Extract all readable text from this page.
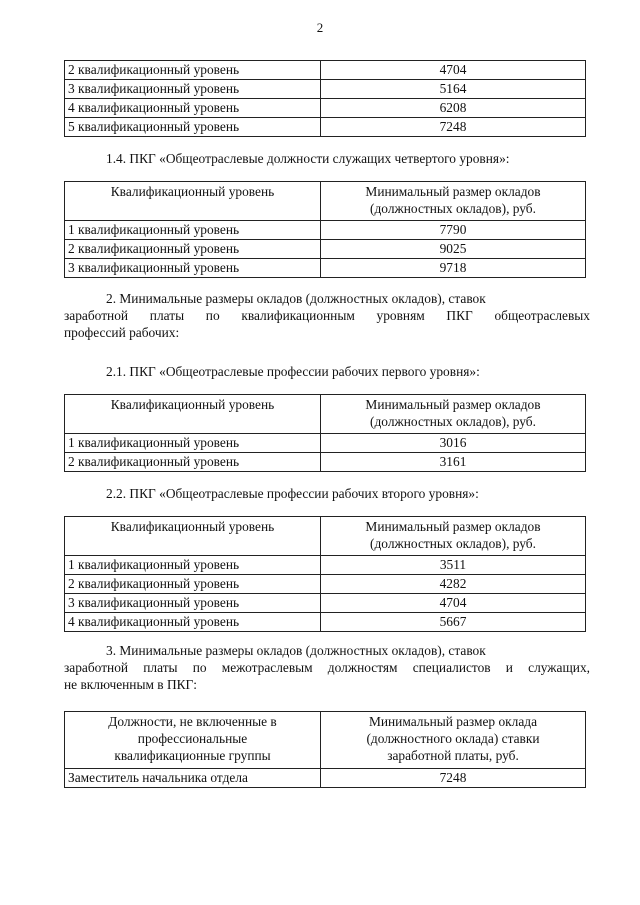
2
2 квалификационный уровень	4704
3 квалификационный уровень	5164
4 квалификационный уровень	6208
5 квалификационный уровень	7248
1.4. ПКГ «Общеотраслевые должности служащих четвертого уровня»:
Квалификационный уровень	Минимальный размер окладов (должностных окладов), руб.
1 квалификационный уровень	7790
2 квалификационный уровень	9025
3 квалификационный уровень	9718
2. Минимальные размеры окладов (должностных окладов), ставок
заработной платы по квалификационным уровням ПКГ общеотраслевых
профессий рабочих:
2.1. ПКГ «Общеотраслевые профессии рабочих первого уровня»:
Квалификационный уровень	Минимальный размер окладов (должностных окладов), руб.
1 квалификационный уровень	3016
2 квалификационный уровень	3161
2.2. ПКГ «Общеотраслевые профессии рабочих второго уровня»:
Квалификационный уровень	Минимальный размер окладов (должностных окладов), руб.
1 квалификационный уровень	3511
2 квалификационный уровень	4282
3 квалификационный уровень	4704
4 квалификационный уровень	5667
3. Минимальные размеры окладов (должностных окладов), ставок
заработной платы по межотраслевым должностям специалистов и служащих,
не включенным в ПКГ:
Должности, не включенные в профессиональные квалификационные группы	Минимальный размер оклада (должностного оклада) ставки заработной платы, руб.
Заместитель начальника отдела	7248
